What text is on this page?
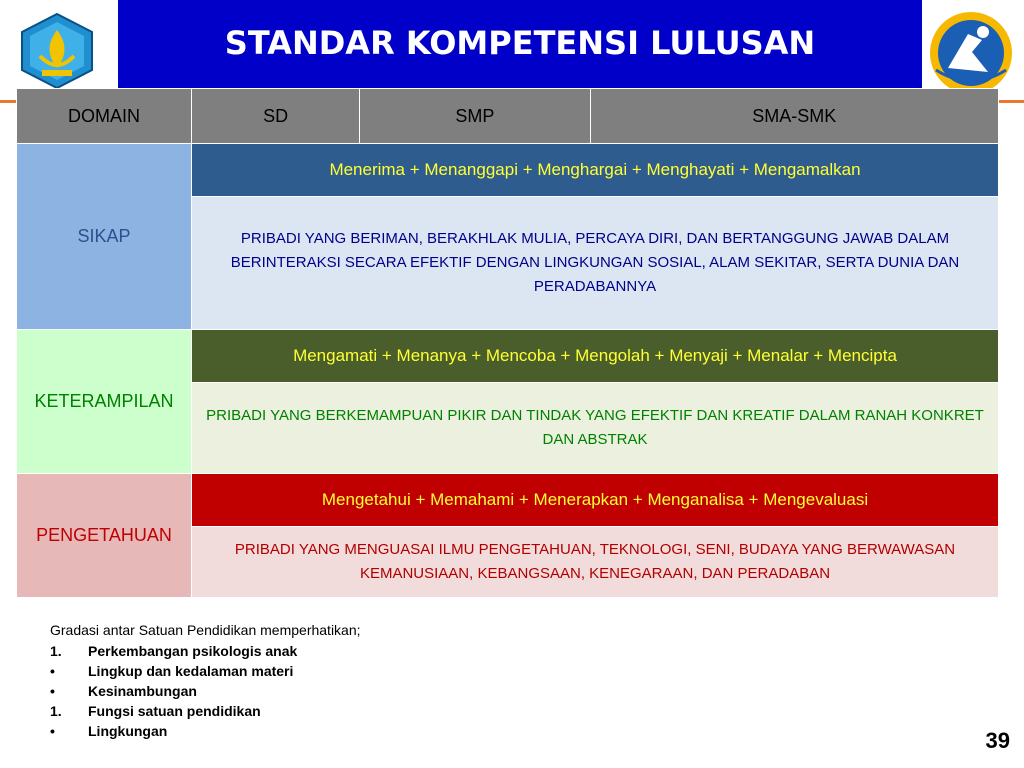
STANDAR KOMPETENSI LULUSAN
DOMAIN	SD	SMP	SMA-SMK
SIKAP	Menerima + Menanggapi + Menghargai + Menghayati + Mengamalkan		
	PRIBADI YANG BERIMAN, BERAKHLAK MULIA, PERCAYA DIRI, DAN BERTANGGUNG JAWAB DALAM BERINTERAKSI SECARA EFEKTIF DENGAN LINGKUNGAN SOSIAL, ALAM SEKITAR, SERTA DUNIA DAN PERADABANNYA		
KETERAMPILAN	Mengamati + Menanya + Mencoba + Mengolah + Menyaji + Menalar + Mencipta		
	PRIBADI YANG BERKEMAMPUAN PIKIR DAN TINDAK YANG EFEKTIF DAN KREATIF DALAM RANAH KONKRET DAN ABSTRAK		
PENGETAHUAN	Mengetahui + Memahami + Menerapkan + Menganalisa + Mengevaluasi		
	PRIBADI YANG MENGUASAI ILMU PENGETAHUAN, TEKNOLOGI, SENI, BUDAYA YANG BERWAWASAN KEMANUSIAAN, KEBANGSAAN, KENEGARAAN, DAN PERADABAN		
Gradasi antar Satuan Pendidikan memperhatikan;
1.	Perkembangan psikologis anak
•	Lingkup dan kedalaman materi
•	Kesinambungan
1.	Fungsi satuan pendidikan
•	Lingkungan	39
